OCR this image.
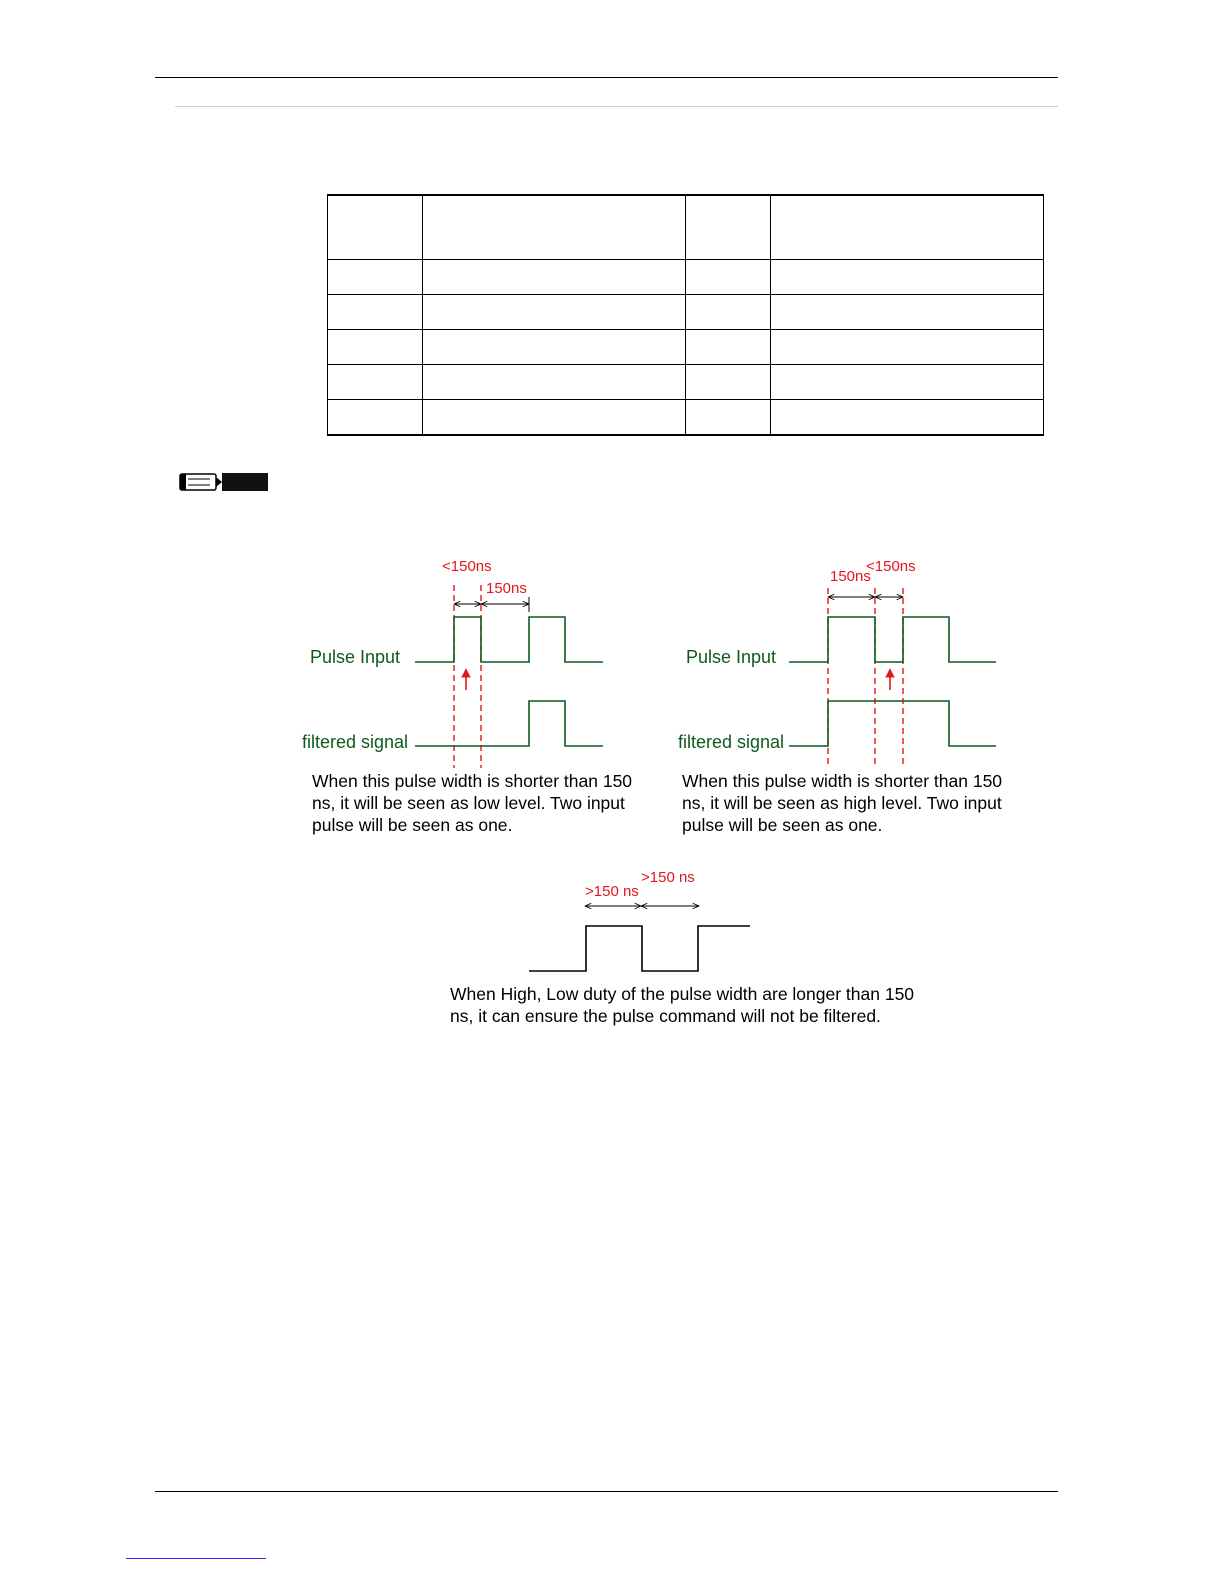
<150ns
150ns
Pulse Input
filtered signal
When this pulse width is shorter than 150
ns, it will be seen as low level. Two input
pulse will be seen as one.
150ns
<150ns
Pulse Input
filtered signal
When this pulse width is shorter than 150
ns, it will be seen as high level. Two input
pulse will be seen as one.
>150 ns
>150 ns
When High, Low duty of the pulse width are longer than 150
ns, it can ensure the pulse command will not be filtered.
